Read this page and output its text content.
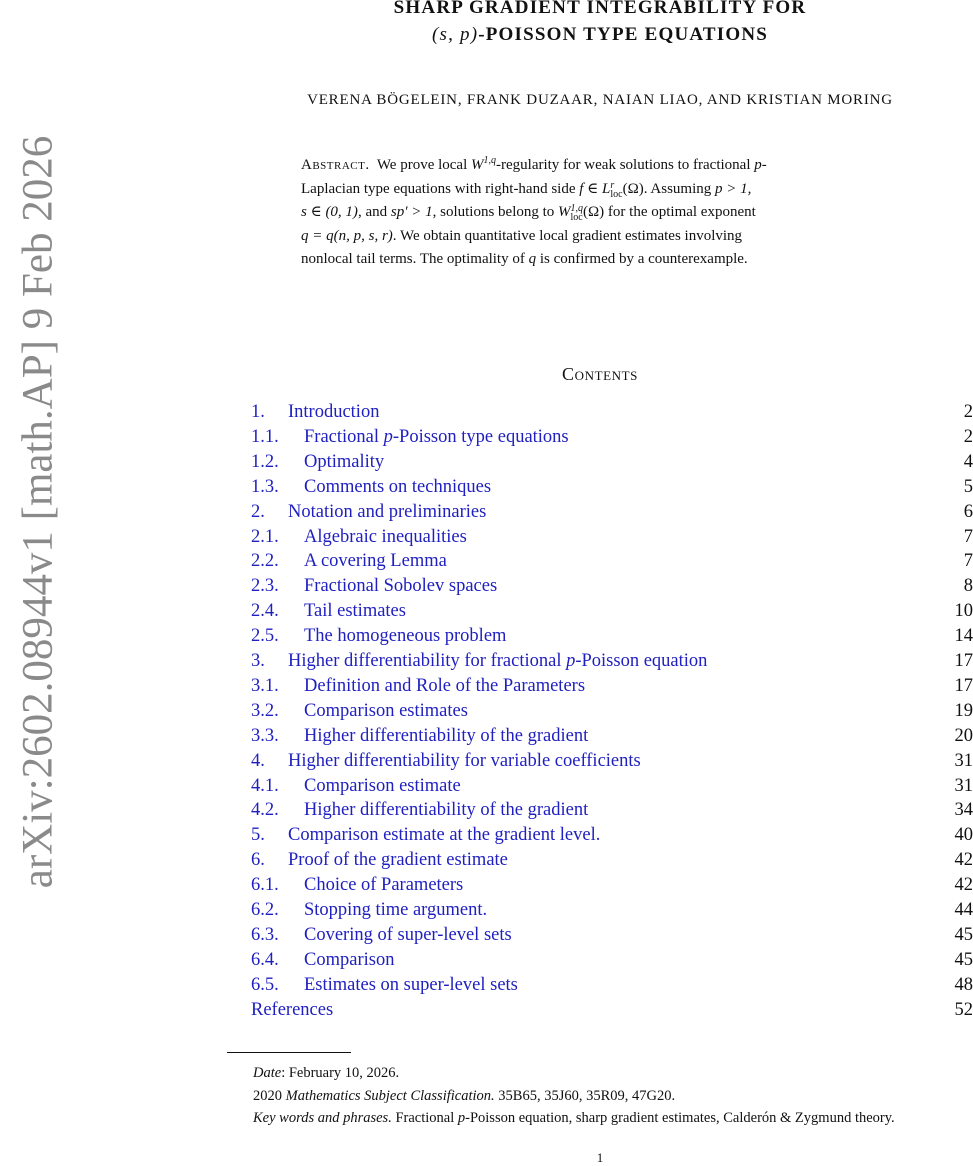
arXiv:2602.08944v1 [math.AP] 9 Feb 2026
SHARP GRADIENT INTEGRABILITY FOR
(s, p)-POISSON TYPE EQUATIONS
VERENA BÖGELEIN, FRANK DUZAAR, NAIAN LIAO, AND KRISTIAN MORING
Abstract. We prove local W$^{1,q}$-regularity for weak solutions to fractional p-
Laplacian type equations with right-hand side f ∈ L r
loc (Ω). Assuming p > 1,
s ∈ (0, 1), and sp′ > 1, solutions belong to W 1,q
loc (Ω) for the optimal exponent
q = q(n, p, s, r). We obtain quantitative local gradient estimates involving
nonlocal tail terms. The optimality of q is confirmed by a counterexample.
Contents
1. Introduction	2
1.1. Fractional p-Poisson type equations	2
1.2. Optimality	4
1.3. Comments on techniques	5
2. Notation and preliminaries	6
2.1. Algebraic inequalities	7
2.2. A covering Lemma	7
2.3. Fractional Sobolev spaces	8
2.4. Tail estimates	10
2.5. The homogeneous problem	14
3. Higher differentiability for fractional p-Poisson equation	17
3.1. Definition and Role of the Parameters	17
3.2. Comparison estimates	19
3.3. Higher differentiability of the gradient	20
4. Higher differentiability for variable coefficients	31
4.1. Comparison estimate	31
4.2. Higher differentiability of the gradient	34
5. Comparison estimate at the gradient level.	40
6. Proof of the gradient estimate	42
6.1. Choice of Parameters	42
6.2. Stopping time argument.	44
6.3. Covering of super-level sets	45
6.4. Comparison	45
6.5. Estimates on super-level sets	48
References	52
Date: February 10, 2026.
2020 Mathematics Subject Classification. 35B65, 35J60, 35R09, 47G20.
Key words and phrases. Fractional p-Poisson equation, sharp gradient estimates, Calderón & Zygmund theory.
1
